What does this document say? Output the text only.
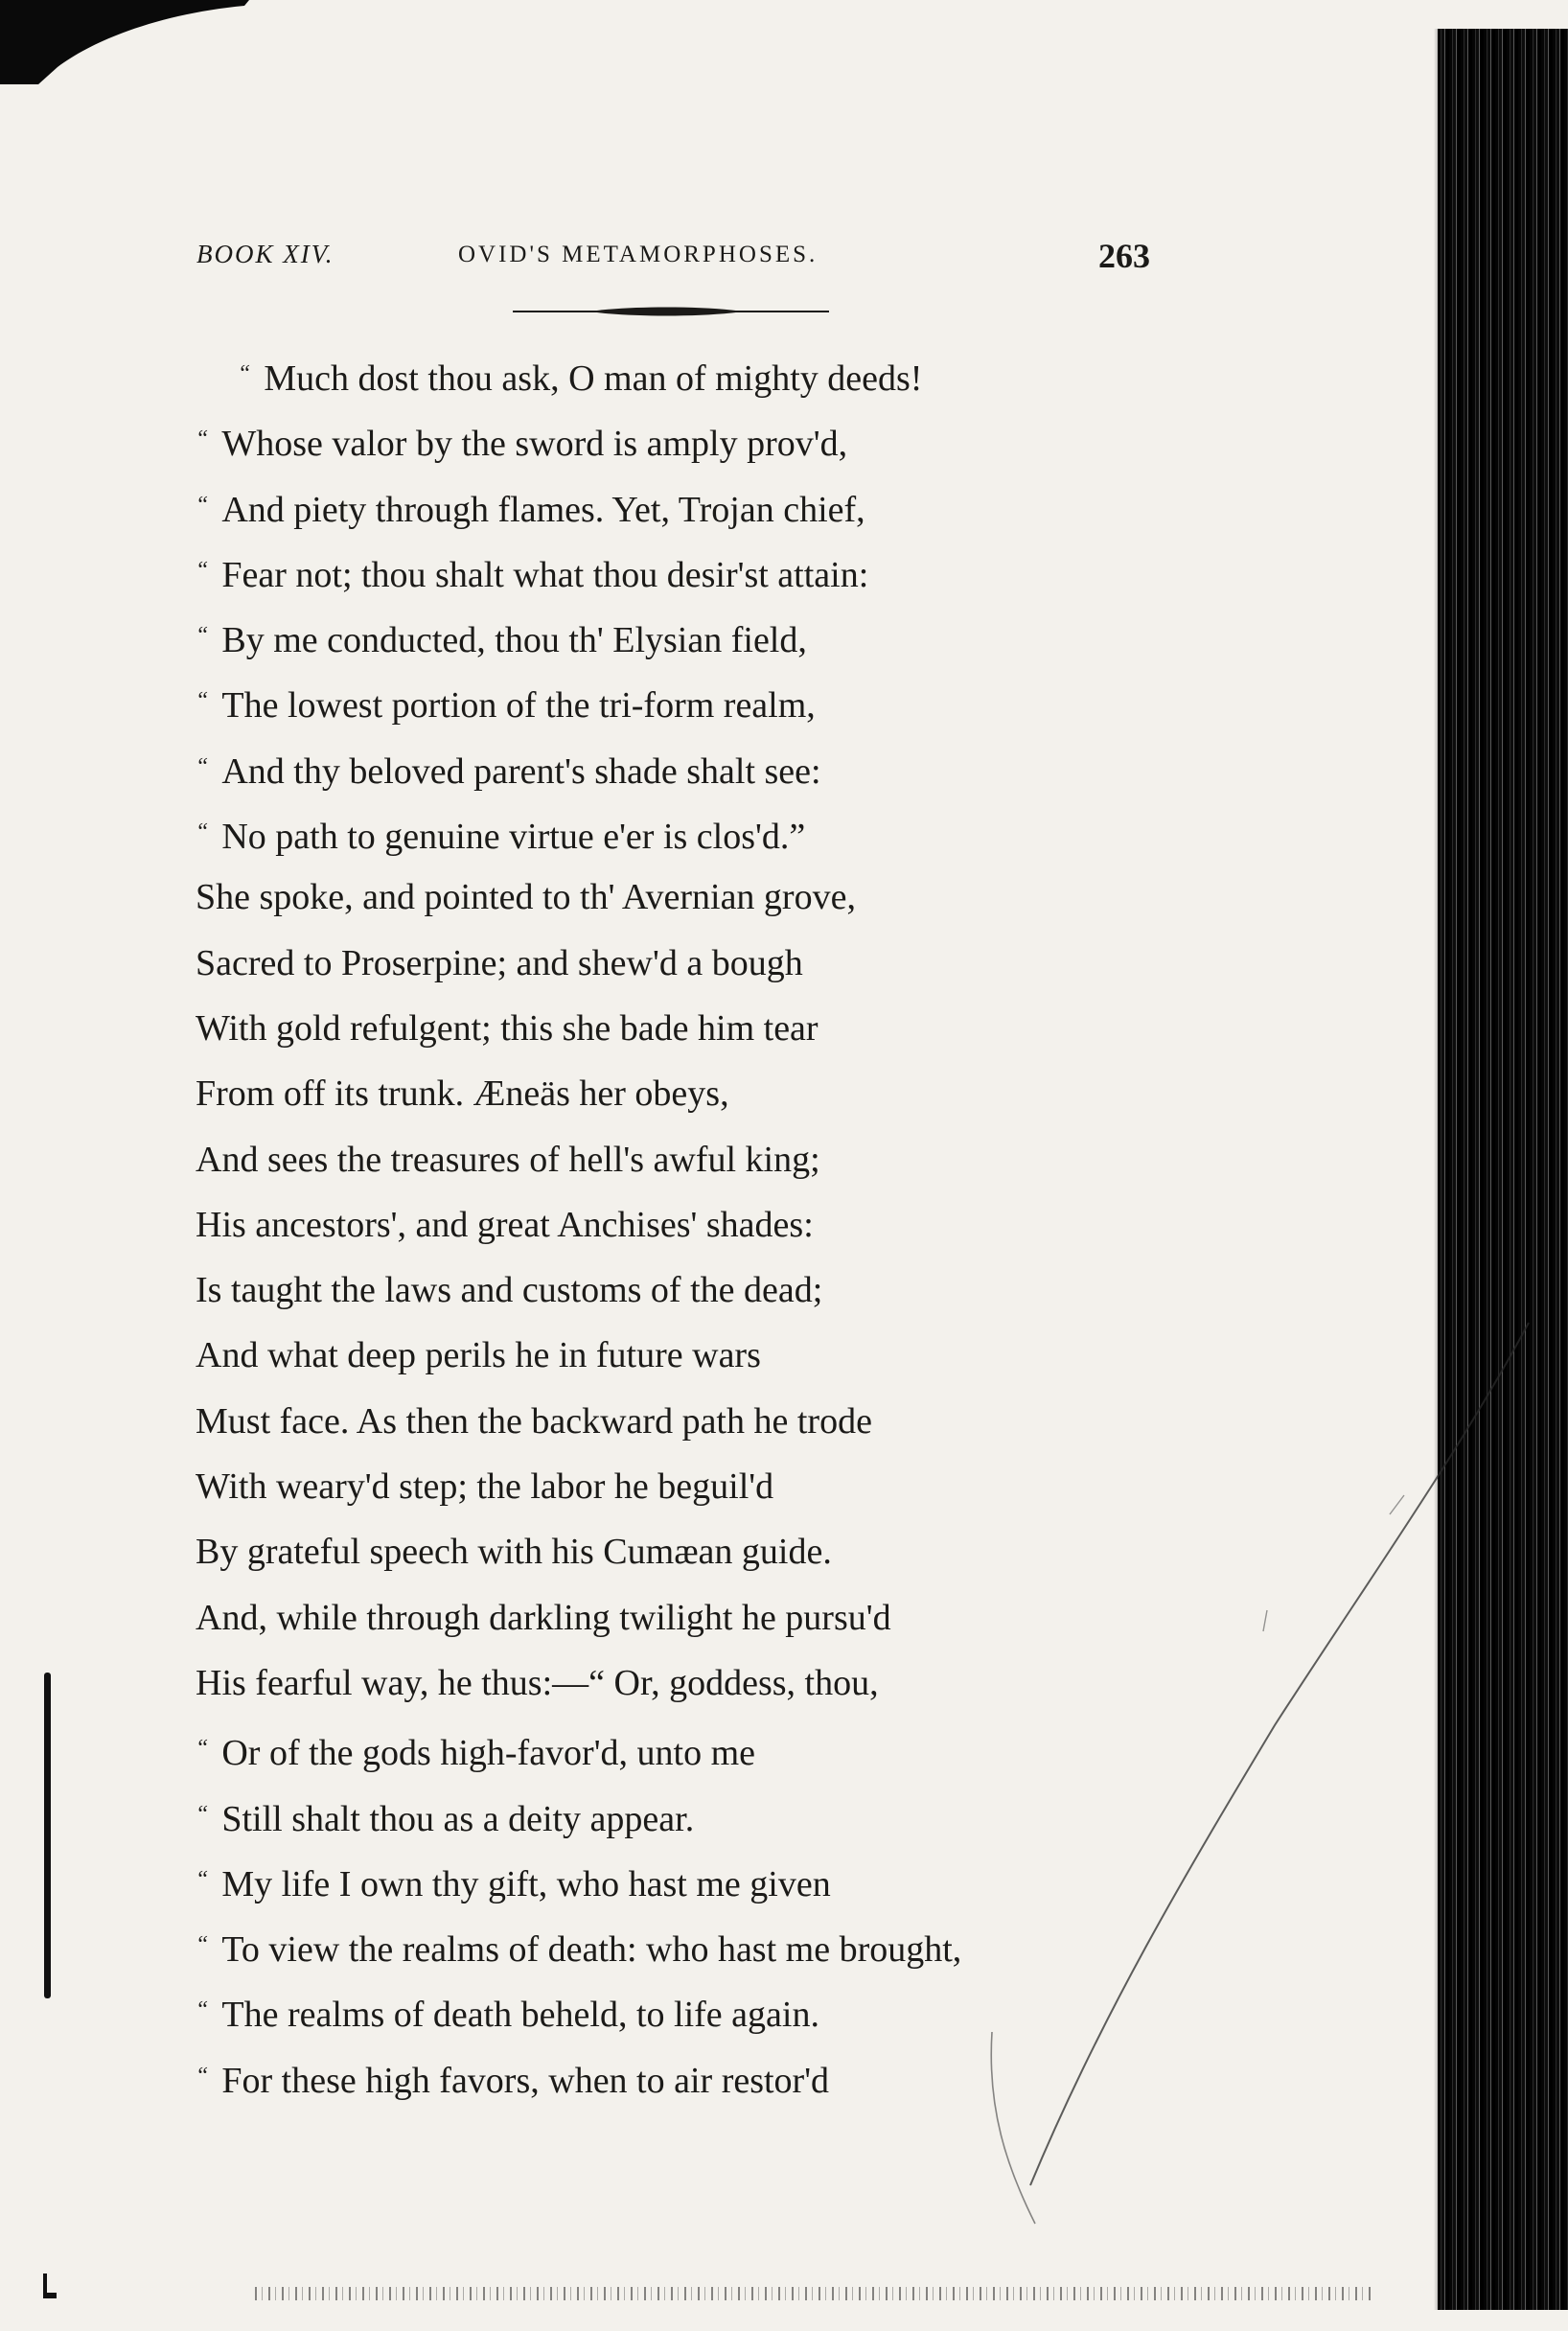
BOOK XIV.	OVID'S METAMORPHOSES.	263
“ Much dost thou ask, O man of mighty deeds!
“ Whose valor by the sword is amply prov'd,
“ And piety through flames. Yet, Trojan chief,
“ Fear not; thou shalt what thou desir'st attain:
“ By me conducted, thou th' Elysian field,
“ The lowest portion of the tri-form realm,
“ And thy beloved parent's shade shalt see:
“ No path to genuine virtue e'er is clos'd.”
She spoke, and pointed to th' Avernian grove,
Sacred to Proserpine; and shew'd a bough
With gold refulgent; this she bade him tear
From off its trunk. Æneäs her obeys,
And sees the treasures of hell's awful king;
His ancestors', and great Anchises' shades:
Is taught the laws and customs of the dead;
And what deep perils he in future wars
Must face. As then the backward path he trode
With weary'd step; the labor he beguil'd
By grateful speech with his Cumæan guide.
And, while through darkling twilight he pursu'd
His fearful way, he thus:—“ Or, goddess, thou,
“ Or of the gods high-favor'd, unto me
“ Still shalt thou as a deity appear.
“ My life I own thy gift, who hast me given
“ To view the realms of death: who hast me brought,
“ The realms of death beheld, to life again.
“ For these high favors, when to air restor'd
